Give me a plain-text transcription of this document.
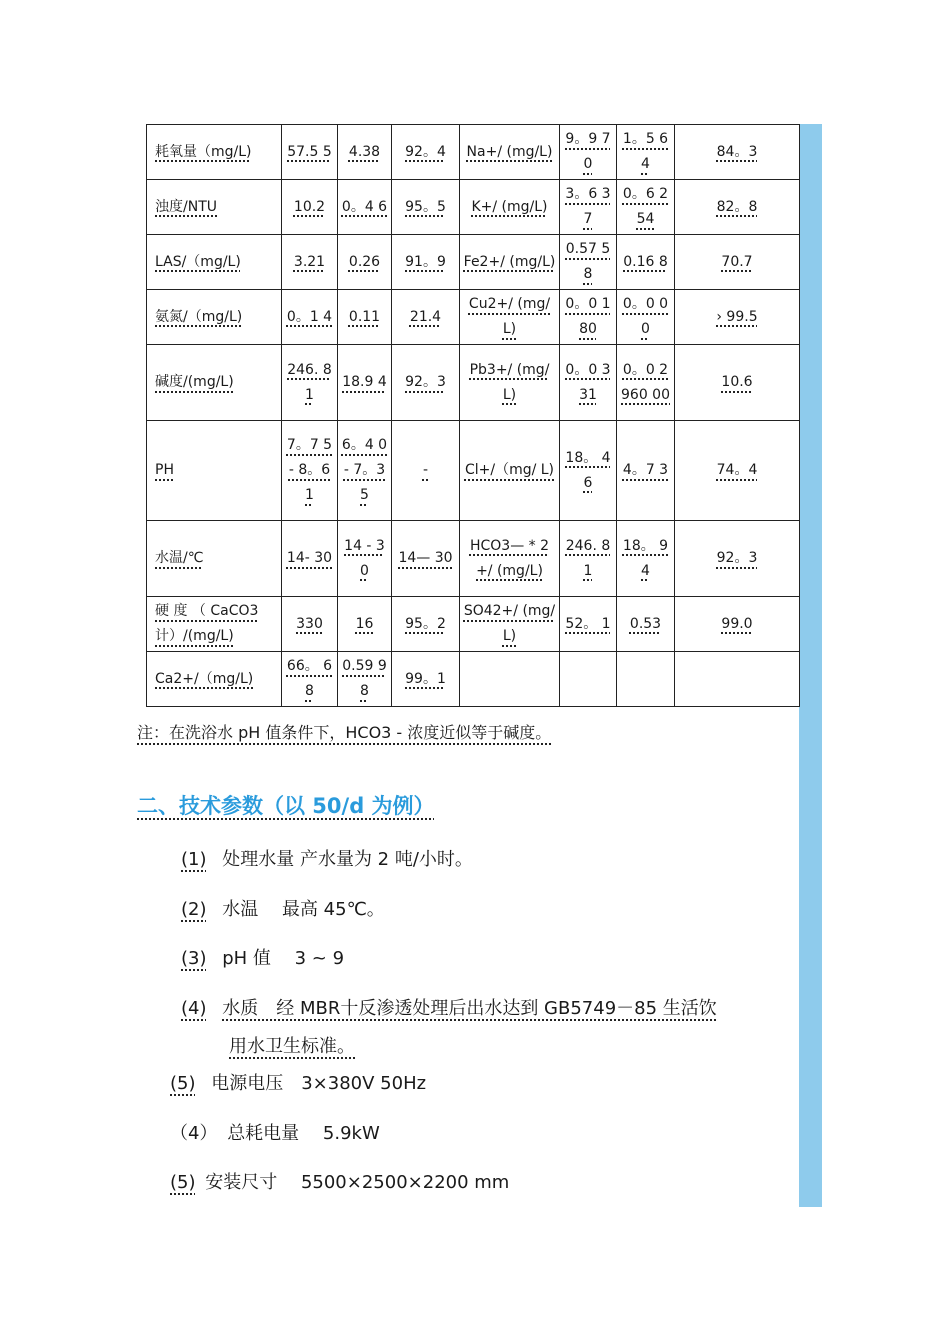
耗氧量（mg/L)	57.5 5	4.38	92。4	Na+/ (mg/L)	9。9 70	1。5 64	84。3
浊度/NTU	10.2	0。4 6	95。5	K+/ (mg/L)	3。6 37	0。6 254	82。8
LAS/（mg/L)	3.21	0.26	91。9	Fe2+/ (mg/L)	0.57 58	0.16 8	70.7
氨氮/（mg/L)	0。1 4	0.11	21.4	Cu2+/ (mg/L)	0。0 180	0。0 00	› 99.5
碱度/(mg/L)	246. 81	18.9 4	92。3	Pb3+/ (mg/L)	0。0 331	0。0 2960 00	10.6
PH	7。7 5- 8。6 1	6。4 0- 7。3 5	-	Cl+/（mg/ L)	18。 46	4。7 3	74。4
水温/℃	14- 30	14 - 30	14— 30	HCO3— * 2+/ (mg/L)	246. 81	18。 94	92。3
硬 度 （ CaCO3 计）/(mg/L)	330	16	95。2	SO42+/ (mg/L)	52。 1	0.53	99.0
Ca2+/（mg/L)	66。 68	0.59 98	99。1				
注：在洗浴水 pH 值条件下，HCO3 - 浓度近似等于碱度。
二、技术参数（以 50/d 为例）
(1) 处理水量 产水量为 2 吨/小时。
(2) 水温　 最高 45℃。
(3) pH 值　 3 ~ 9
(4) 水质　经 MBR十反渗透处理后出水达到 GB5749－85 生活饮
用水卫生标准。
(5) 电源电压　3×380V 50Hz
（4） 总耗电量　 5.9kW
(5) 安装尺寸　 5500×2500×2200 mm
